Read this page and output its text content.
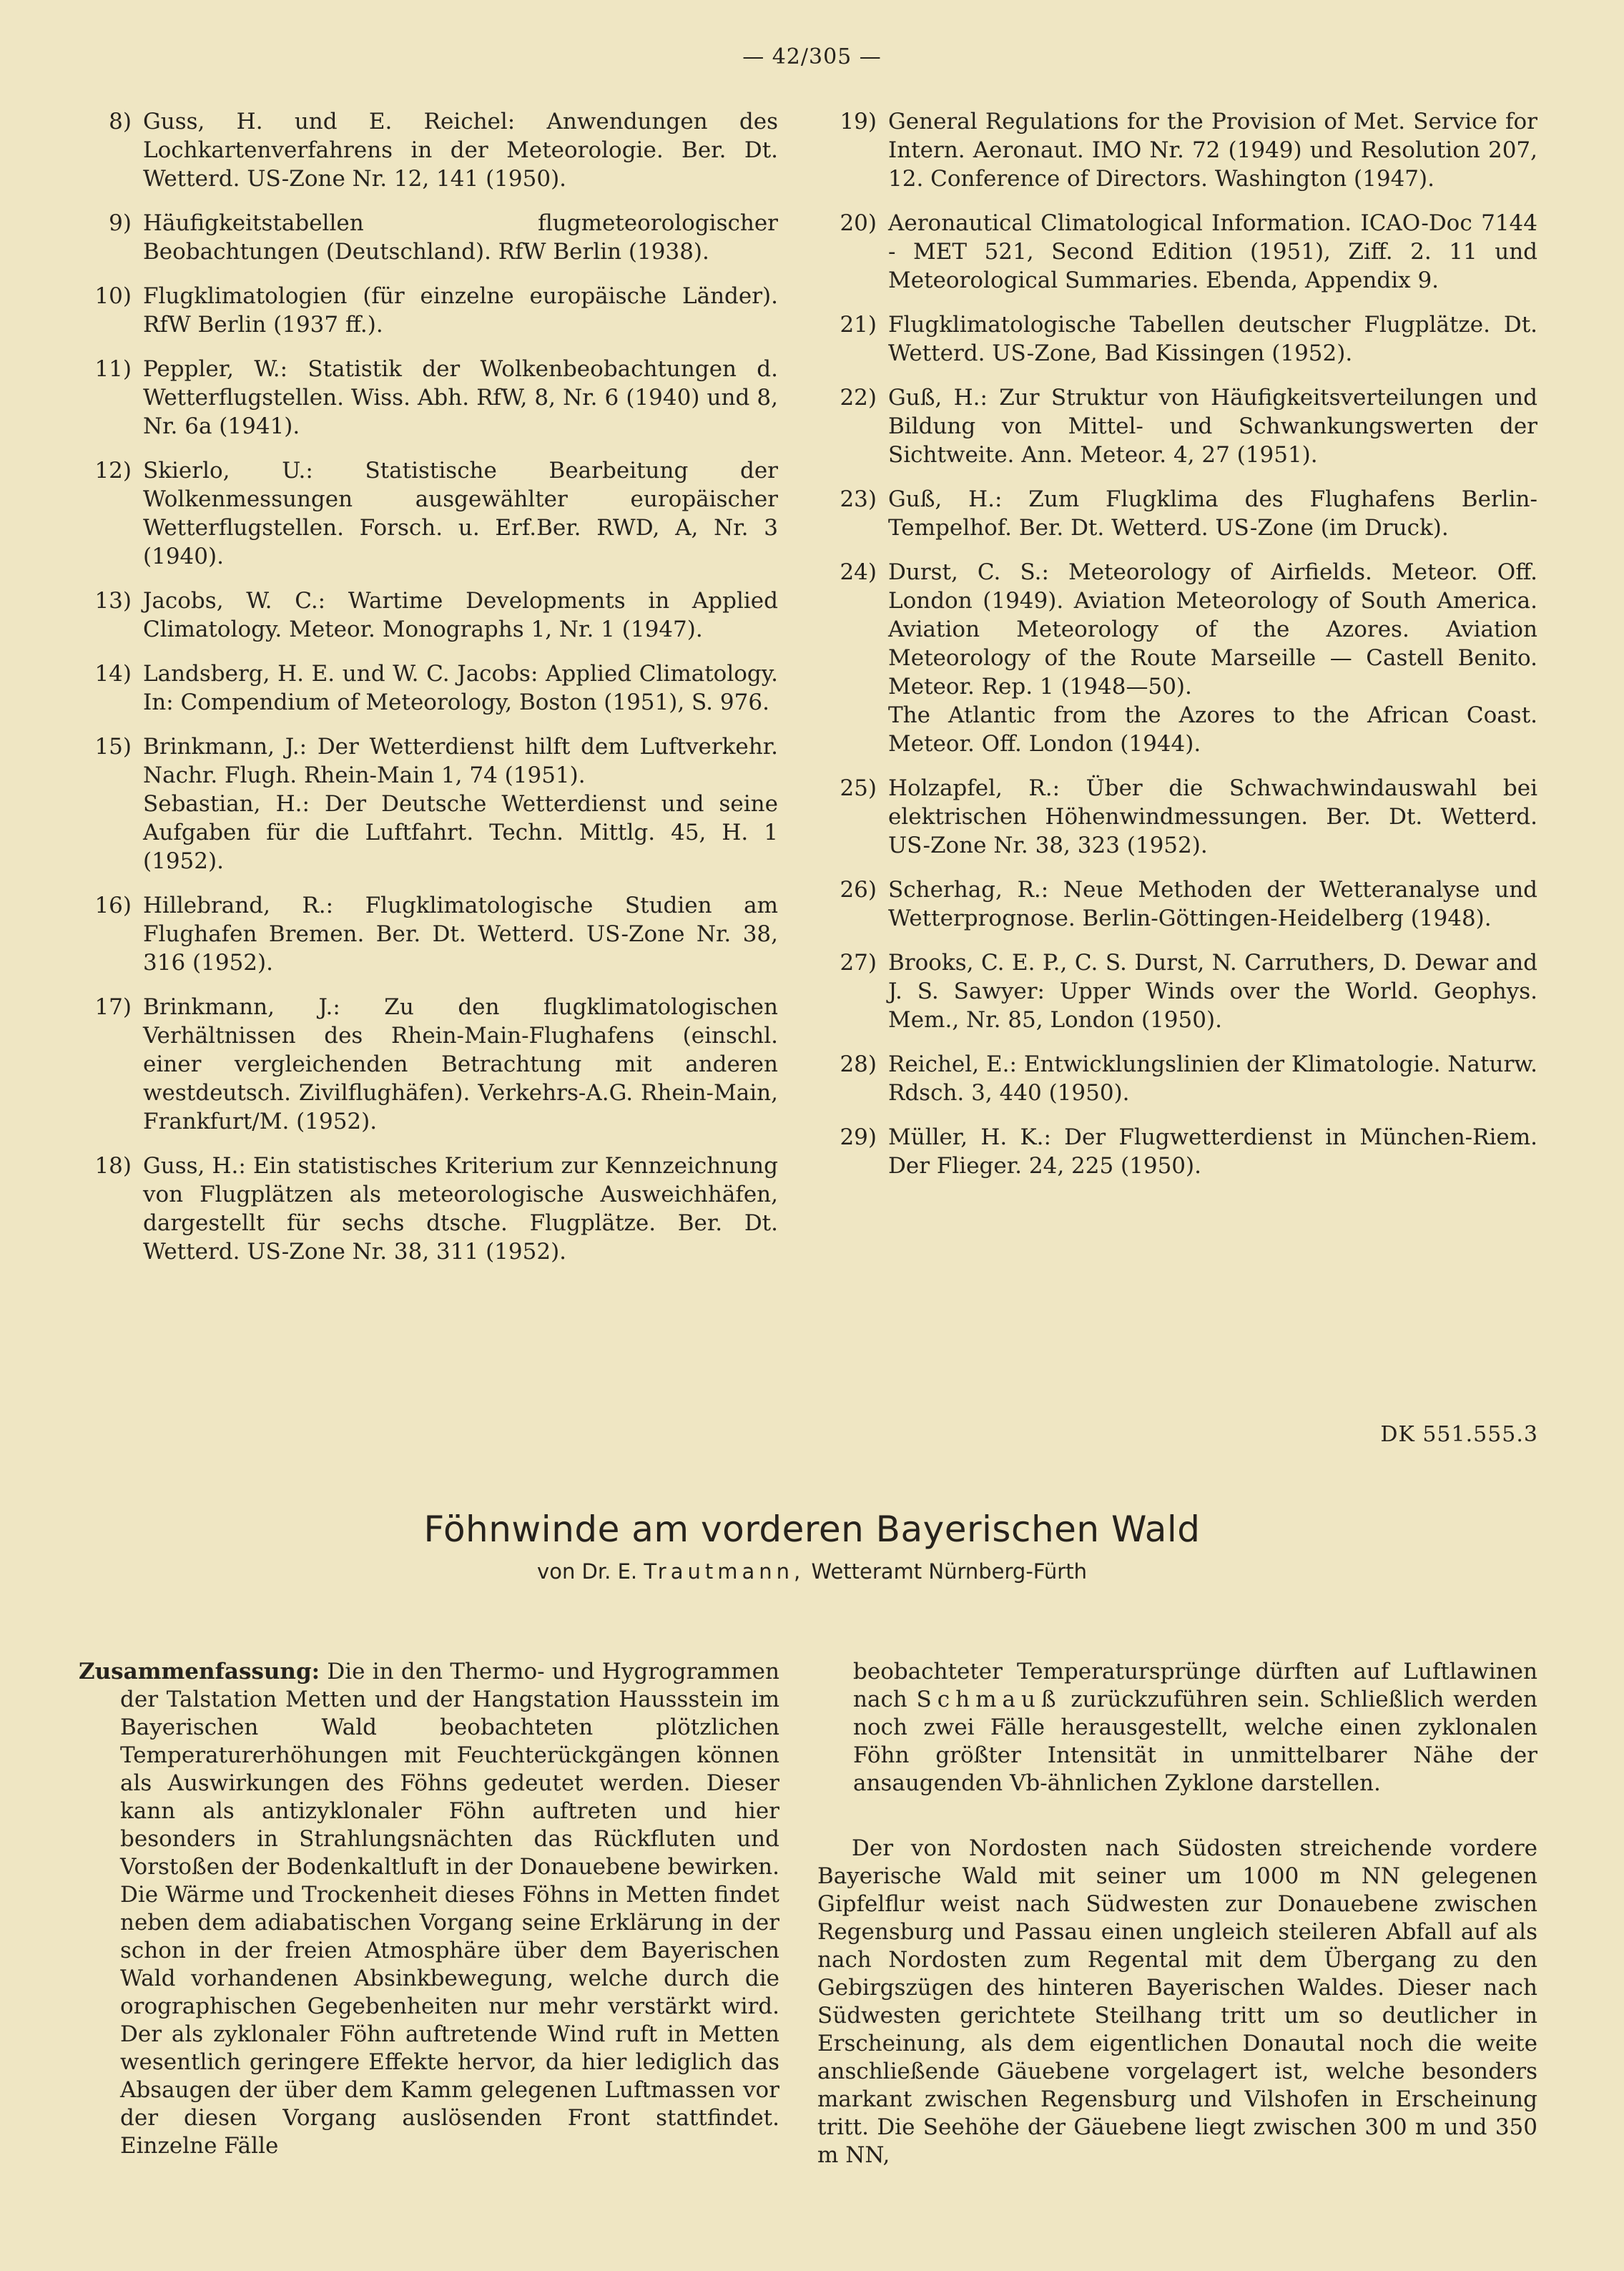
— 42/305 —
8) Guss, H. und E. Reichel: Anwendungen des Lochkartenverfahrens in der Meteorologie. Ber. Dt. Wetterd. US-Zone Nr. 12, 141 (1950).
9) Häufigkeitstabellen flugmeteorologischer Beobachtungen (Deutschland). RfW Berlin (1938).
10) Flugklimatologien (für einzelne europäische Länder). RfW Berlin (1937 ff.).
11) Peppler, W.: Statistik der Wolkenbeobachtungen d. Wetterflugstellen. Wiss. Abh. RfW, 8, Nr. 6 (1940) und 8, Nr. 6a (1941).
12) Skierlo, U.: Statistische Bearbeitung der Wolkenmessungen ausgewählter europäischer Wetterflugstellen. Forsch. u. Erf.Ber. RWD, A, Nr. 3 (1940).
13) Jacobs, W. C.: Wartime Developments in Applied Climatology. Meteor. Monographs 1, Nr. 1 (1947).
14) Landsberg, H. E. und W. C. Jacobs: Applied Climatology. In: Compendium of Meteorology, Boston (1951), S. 976.
15) Brinkmann, J.: Der Wetterdienst hilft dem Luftverkehr. Nachr. Flugh. Rhein-Main 1, 74 (1951).
Sebastian, H.: Der Deutsche Wetterdienst und seine Aufgaben für die Luftfahrt. Techn. Mittlg. 45, H. 1 (1952).
16) Hillebrand, R.: Flugklimatologische Studien am Flughafen Bremen. Ber. Dt. Wetterd. US-Zone Nr. 38, 316 (1952).
17) Brinkmann, J.: Zu den flugklimatologischen Verhältnissen des Rhein-Main-Flughafens (einschl. einer vergleichenden Betrachtung mit anderen westdeutsch. Zivilflughäfen). Verkehrs-A.G. Rhein-Main, Frankfurt/M. (1952).
18) Guss, H.: Ein statistisches Kriterium zur Kennzeichnung von Flugplätzen als meteorologische Ausweichhäfen, dargestellt für sechs dtsche. Flugplätze. Ber. Dt. Wetterd. US-Zone Nr. 38, 311 (1952).
19) General Regulations for the Provision of Met. Service for Intern. Aeronaut. IMO Nr. 72 (1949) und Resolution 207, 12. Conference of Directors. Washington (1947).
20) Aeronautical Climatological Information. ICAO-Doc 7144 - MET 521, Second Edition (1951), Ziff. 2. 11 und Meteorological Summaries. Ebenda, Appendix 9.
21) Flugklimatologische Tabellen deutscher Flugplätze. Dt. Wetterd. US-Zone, Bad Kissingen (1952).
22) Guß, H.: Zur Struktur von Häufigkeitsverteilungen und Bildung von Mittel- und Schwankungswerten der Sichtweite. Ann. Meteor. 4, 27 (1951).
23) Guß, H.: Zum Flugklima des Flughafens Berlin-Tempelhof. Ber. Dt. Wetterd. US-Zone (im Druck).
24) Durst, C. S.: Meteorology of Airfields. Meteor. Off. London (1949). Aviation Meteorology of South America. Aviation Meteorology of the Azores. Aviation Meteorology of the Route Marseille — Castell Benito. Meteor. Rep. 1 (1948—50).
The Atlantic from the Azores to the African Coast. Meteor. Off. London (1944).
25) Holzapfel, R.: Über die Schwachwindauswahl bei elektrischen Höhenwindmessungen. Ber. Dt. Wetterd. US-Zone Nr. 38, 323 (1952).
26) Scherhag, R.: Neue Methoden der Wetteranalyse und Wetterprognose. Berlin-Göttingen-Heidelberg (1948).
27) Brooks, C. E. P., C. S. Durst, N. Carruthers, D. Dewar and J. S. Sawyer: Upper Winds over the World. Geophys. Mem., Nr. 85, London (1950).
28) Reichel, E.: Entwicklungslinien der Klimatologie. Naturw. Rdsch. 3, 440 (1950).
29) Müller, H. K.: Der Flugwetterdienst in München-Riem. Der Flieger. 24, 225 (1950).
DK 551.555.3
Föhnwinde am vorderen Bayerischen Wald
von Dr. E. Trautmann, Wetteramt Nürnberg-Fürth

Zusammenfassung: Die in den Thermo- und Hygrogrammen der Talstation Metten und der Hangstation Haussstein im Bayerischen Wald beobachteten plötzlichen Temperaturerhöhungen mit Feuchterückgängen können als Auswirkungen des Föhns gedeutet werden. Dieser kann als antizyklonaler Föhn auftreten und hier besonders in Strahlungsnächten das Rückfluten und Vorstoßen der Bodenkaltluft in der Donauebene bewirken. Die Wärme und Trockenheit dieses Föhns in Metten findet neben dem adiabatischen Vorgang seine Erklärung in der schon in der freien Atmosphäre über dem Bayerischen Wald vorhandenen Absinkbewegung, welche durch die orographischen Gegebenheiten nur mehr verstärkt wird. Der als zyklonaler Föhn auftretende Wind ruft in Metten wesentlich geringere Effekte hervor, da hier lediglich das Absaugen der über dem Kamm gelegenen Luftmassen vor der diesen Vorgang auslösenden Front stattfindet. Einzelne Fälle

beobachteter Temperatursprünge dürften auf Luftlawinen nach Schmauß zurückzuführen sein. Schließlich werden noch zwei Fälle herausgestellt, welche einen zyklonalen Föhn größter Intensität in unmittelbarer Nähe der ansaugenden Vb-ähnlichen Zyklone darstellen.

Der von Nordosten nach Südosten streichende vordere Bayerische Wald mit seiner um 1000 m NN gelegenen Gipfelflur weist nach Südwesten zur Donauebene zwischen Regensburg und Passau einen ungleich steileren Abfall auf als nach Nordosten zum Regental mit dem Übergang zu den Gebirgszügen des hinteren Bayerischen Waldes. Dieser nach Südwesten gerichtete Steilhang tritt um so deutlicher in Erscheinung, als dem eigentlichen Donautal noch die weite anschließende Gäuebene vorgelagert ist, welche besonders markant zwischen Regensburg und Vilshofen in Erscheinung tritt. Die Seehöhe der Gäuebene liegt zwischen 300 m und 350 m NN,
